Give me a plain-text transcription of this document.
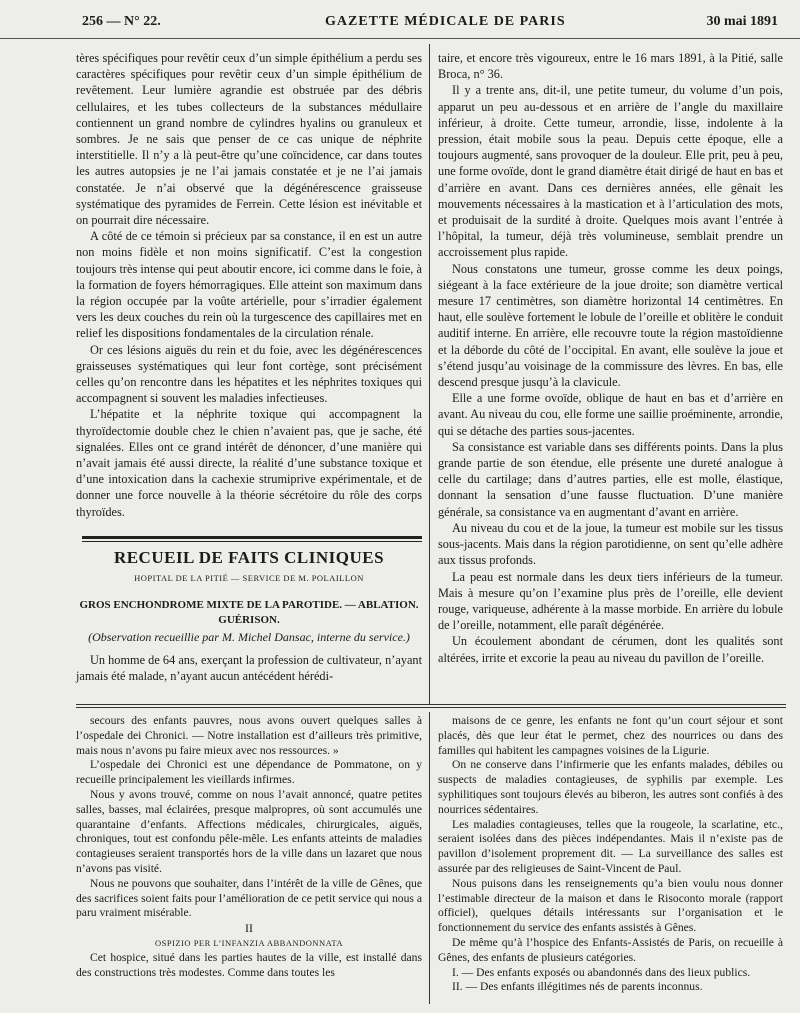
256 — N° 22.	GAZETTE MÉDICALE DE PARIS	30 mai 1891

tères spécifiques pour revêtir ceux d’un simple épithélium a perdu ses caractères spécifiques pour revêtir ceux d’un simple épithélium de revêtement. Leur lumière agrandie est obstruée par des débris cellulaires, et les tubes collecteurs de la substances médullaire contiennent un grand nombre de cylindres hyalins ou granuleux et sombres. Je ne sais que penser de ce cas unique de néphrite interstitielle. Il n’y a là peut-être qu’une coïncidence, car dans toutes les autres autopsies je ne l’ai jamais constatée et je ne l’ai jamais constatée. Je n’ai observé que la dégénérescence graisseuse systématique des pyramides de Ferrein. Cette lésion est inévitable et on pourrait dire nécessaire.

A côté de ce témoin si précieux par sa constance, il en est un autre non moins fidèle et non moins significatif. C’est la congestion toujours très intense qui peut aboutir encore, ici comme dans le foie, à la formation de foyers hémorragiques. Elle atteint son maximum dans la région occupée par la voûte artérielle, pour s’irradier également vers les deux couches du rein où la turgescence des capillaires met en relief les dispositions fondamentales de la circulation rénale.

Or ces lésions aiguës du rein et du foie, avec les dégénérescences graisseuses systématiques qui leur font cortège, sont précisément celles qu’on rencontre dans les hépatites et les néphrites toxiques qui accompagnent si souvent les maladies infectieuses.

L’hépatite et la néphrite toxique qui accompagnent la thyroïdectomie double chez le chien n’avaient pas, que je sache, été signalées. Elles ont ce grand intérêt de dénoncer, d’une manière qui n’avait jamais été aussi directe, la réalité d’une substance toxique et d’une intoxication dans la cachexie strumiprive expérimentale, et de donner une force nouvelle à la théorie sécrétoire du rôle des corps thyroïdes.

RECUEIL DE FAITS CLINIQUES
HOPITAL DE LA PITIÉ — SERVICE DE M. POLAILLON
GROS ENCHONDROME MIXTE DE LA PAROTIDE. — ABLATION. GUÉRISON.
(Observation recueillie par M. Michel Dansac, interne du service.)

Un homme de 64 ans, exerçant la profession de cultivateur, n’ayant jamais été malade, n’ayant aucun antécédent hérédi-

taire, et encore très vigoureux, entre le 16 mars 1891, à la Pitié, salle Broca, n° 36.

Il y a trente ans, dit-il, une petite tumeur, du volume d’un pois, apparut un peu au-dessous et en arrière de l’angle du maxillaire inférieur, à droite. Cette tumeur, arrondie, lisse, indolente à la pression, était mobile sous la peau. Depuis cette époque, elle a toujours augmenté, sans provoquer de la douleur. Elle prit, peu à peu, une forme ovoïde, dont le grand diamètre était dirigé de haut en bas et d’arrière en avant. Dans ces dernières années, elle gênait les mouvements nécessaires à la mastication et à l’articulation des mots, et produisait de la surdité à droite. Quelques mois avant l’entrée à l’hôpital, la tumeur, déjà très volumineuse, semblait prendre un accroissement plus rapide.

Nous constatons une tumeur, grosse comme les deux poings, siégeant à la face extérieure de la joue droite; son diamètre vertical mesure 17 centimètres, son diamètre horizontal 14 centimètres. En haut, elle soulève fortement le lobule de l’oreille et oblitère le conduit auditif interne. En arrière, elle recouvre toute la région mastoïdienne et la déborde du côté de l’occipital. En avant, elle soulève la joue et s’étend jusqu’au voisinage de la commissure des lèvres. En bas, elle descend presque jusqu’à la clavicule.

Elle a une forme ovoïde, oblique de haut en bas et d’arrière en avant. Au niveau du cou, elle forme une saillie proéminente, arrondie, qui se détache des parties sous-jacentes.

Sa consistance est variable dans ses différents points. Dans la plus grande partie de son étendue, elle présente une dureté analogue à celle du cartilage; dans d’autres parties, elle est molle, élastique, donnant la sensation d’une fausse fluctuation. D’une manière générale, sa consistance va en augmentant d’avant en arrière.

Au niveau du cou et de la joue, la tumeur est mobile sur les tissus sous-jacents. Mais dans la région parotidienne, on sent qu’elle adhère aux tissus profonds.

La peau est normale dans les deux tiers inférieurs de la tumeur. Mais à mesure qu’on l’examine plus près de l’oreille, elle devient rouge, variqueuse, adhérente à la masse morbide. En arrière du lobule de l’oreille, notamment, elle paraît dégénérée.

Un écoulement abondant de cérumen, dont les qualités sont altérées, irrite et excorie la peau au niveau du pavillon de l’oreille.

secours des enfants pauvres, nous avons ouvert quelques salles à l’ospedale dei Chronici. — Notre installation est d’ailleurs très primitive, mais nous n’avons pu faire mieux avec nos ressources. »

L’ospedale dei Chronici est une dépendance de Pommatone, on y recueille principalement les vieillards infirmes.

Nous y avons trouvé, comme on nous l’avait annoncé, quatre petites salles, basses, mal éclairées, presque malpropres, où sont accumulés une quarantaine d’enfants. Affections médicales, chirurgicales, aiguës, chroniques, tout est confondu pêle-mêle. Les enfants atteints de maladies contagieuses seraient transportés hors de la ville dans un lazaret que nous n’avons pas visité.

Nous ne pouvons que souhaiter, dans l’intérêt de la ville de Gênes, que des sacrifices soient faits pour l’amélioration de ce petit service qui nous a paru vraiment misérable.

II

OSPIZIO PER L’INFANZIA ABBANDONNATA

Cet hospice, situé dans les parties hautes de la ville, est installé dans des constructions très modestes. Comme dans toutes les

maisons de ce genre, les enfants ne font qu’un court séjour et sont placés, dès que leur état le permet, chez des nourrices ou dans des familles qui habitent les campagnes voisines de la Ligurie.

On ne conserve dans l’infirmerie que les enfants malades, débiles ou suspects de maladies contagieuses, de syphilis par exemple. Les syphilitiques sont toujours élevés au biberon, les autres sont confiés à des nourrices sédentaires.

Les maladies contagieuses, telles que la rougeole, la scarlatine, etc., seraient isolées dans des pièces indépendantes. Mais il n’existe pas de pavillon d’isolement proprement dit. — La surveillance des salles est assurée par des religieuses de Saint-Vincent de Paul.

Nous puisons dans les renseignements qu’a bien voulu nous donner l’estimable directeur de la maison et dans le Risoconto morale (rapport officiel), quelques détails intéressants sur l’organisation et le fonctionnement du service des enfants assistés à Gênes.

De même qu’à l’hospice des Enfants-Assistés de Paris, on recueille à Gênes, des enfants de plusieurs catégories.

I. — Des enfants exposés ou abandonnés dans des lieux publics.

II. — Des enfants illégitimes nés de parents inconnus.
